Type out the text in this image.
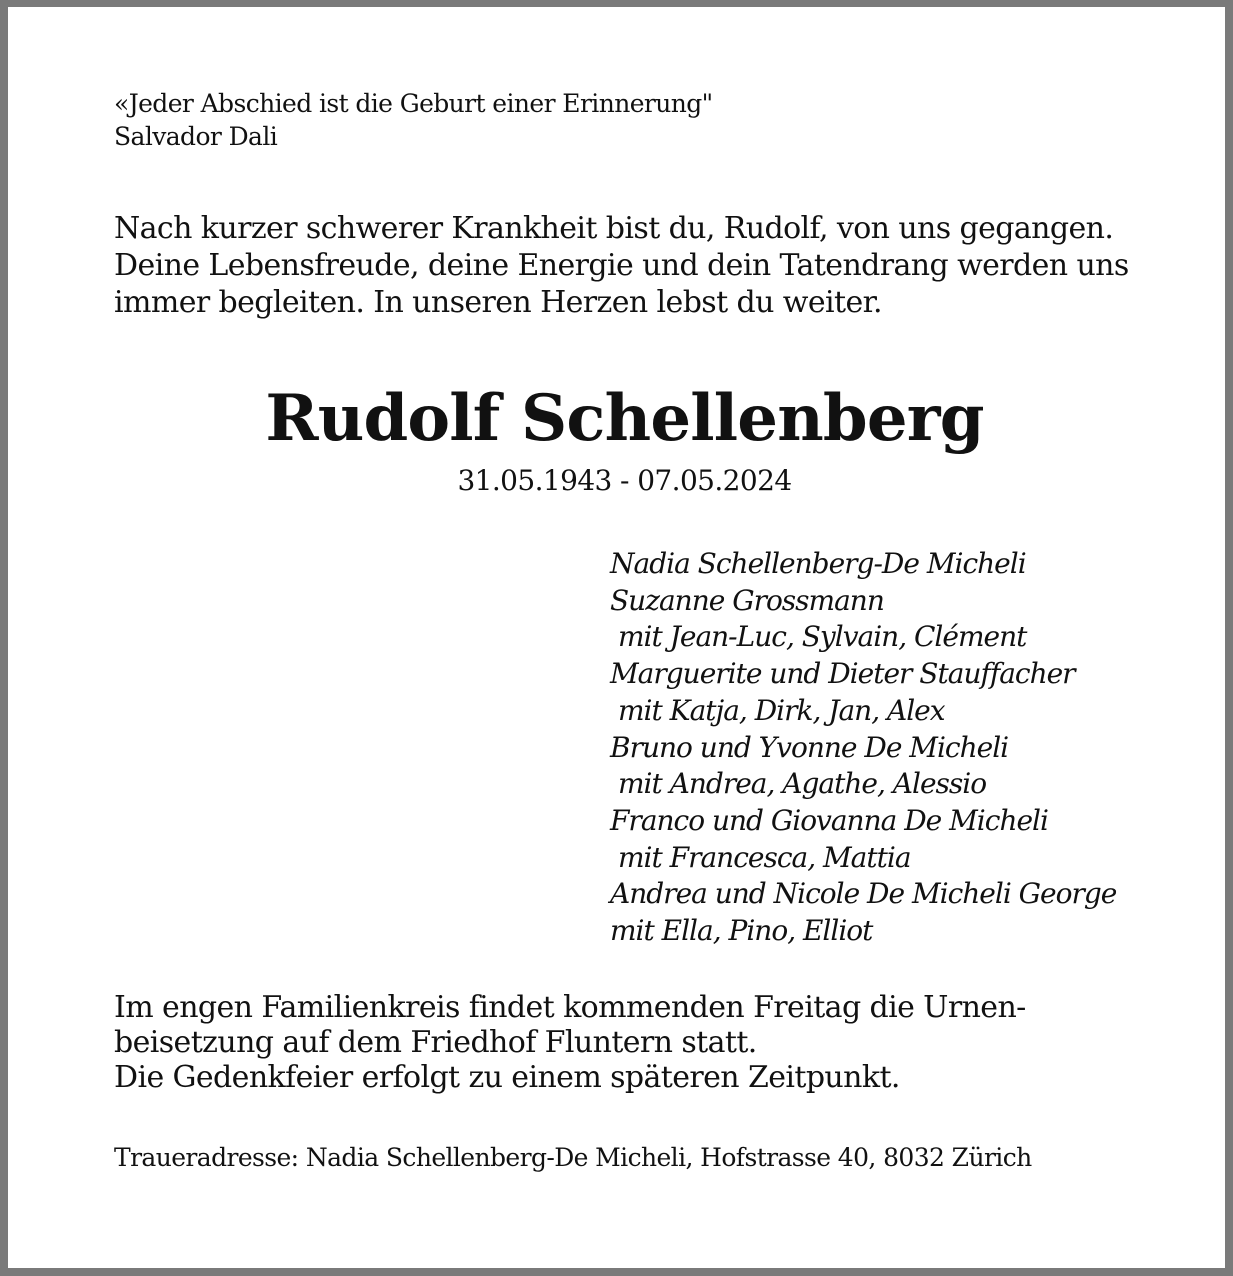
«Jeder Abschied ist die Geburt einer Erinnerung"
Salvador Dali
Nach kurzer schwerer Krankheit bist du, Rudolf, von uns gegangen.
Deine Lebensfreude, deine Energie und dein Tatendrang werden uns
immer begleiten. In unseren Herzen lebst du weiter.
Rudolf Schellenberg
31.05.1943 - 07.05.2024
Nadia Schellenberg-De Micheli
Suzanne Grossmann
mit Jean-Luc, Sylvain, Clément
Marguerite und Dieter Stauffacher
mit Katja, Dirk, Jan, Alex
Bruno und Yvonne De Micheli
mit Andrea, Agathe, Alessio
Franco und Giovanna De Micheli
mit Francesca, Mattia
Andrea und Nicole De Micheli George
mit Ella, Pino, Elliot
Im engen Familienkreis findet kommenden Freitag die Urnen-
beisetzung auf dem Friedhof Fluntern statt.
Die Gedenkfeier erfolgt zu einem späteren Zeitpunkt.
Traueradresse: Nadia Schellenberg-De Micheli, Hofstrasse 40, 8032 Zürich
